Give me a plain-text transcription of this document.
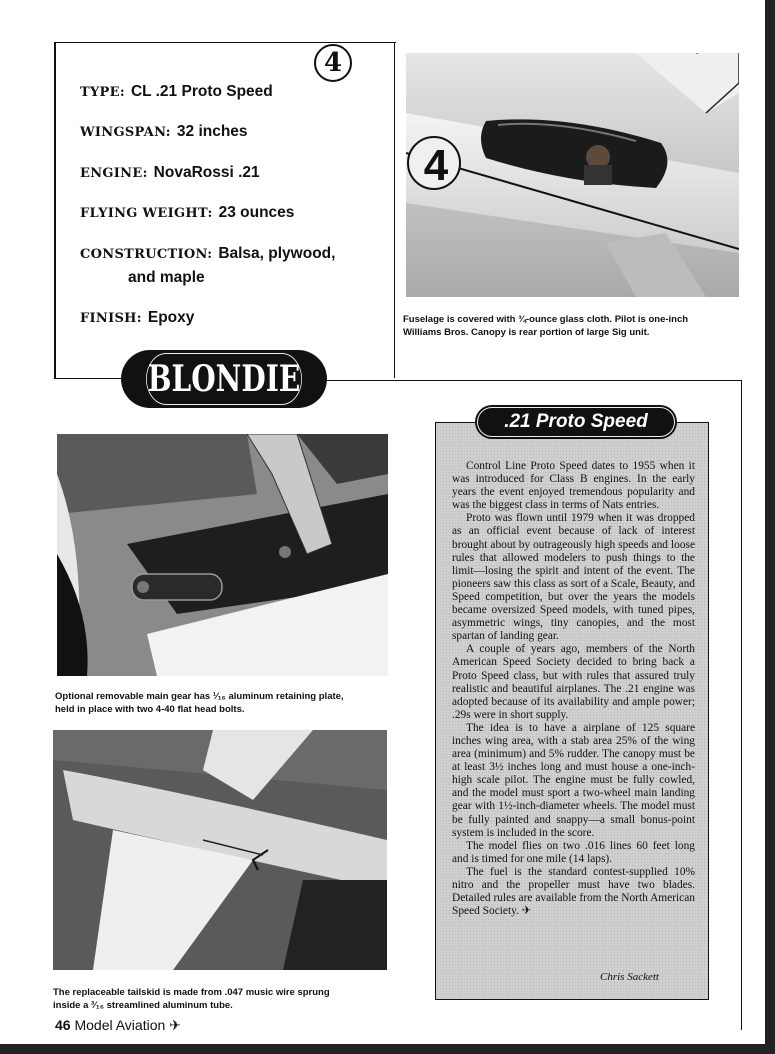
4
TYPE: CL .21 Proto Speed
WINGSPAN: 32 inches
ENGINE: NovaRossi .21
FLYING WEIGHT: 23 ounces
CONSTRUCTION: Balsa, plywood,
and maple
FINISH: Epoxy
4
Fuselage is covered with ¾-ounce glass cloth. Pilot is one-inch
Williams Bros. Canopy is rear portion of large Sig unit.
BLONDIE
Optional removable main gear has ¹⁄₁₆ aluminum retaining plate,
held in place with two 4-40 flat head bolts.
The replaceable tailskid is made from .047 music wire sprung
inside a ³⁄₁₆ streamlined aluminum tube.
.21 Proto Speed

Control Line Proto Speed dates to 1955 when it was introduced for Class B engines. In the early years the event enjoyed tremendous popularity and was the biggest class in terms of Nats entries.

Proto was flown until 1979 when it was dropped as an official event because of lack of interest brought about by outrageously high speeds and loose rules that allowed modelers to push things to the limit—losing the spirit and intent of the event. The pioneers saw this class as sort of a Scale, Beauty, and Speed competition, but over the years the models became oversized Speed models, with tuned pipes, asymmetric wings, tiny canopies, and the most spartan of landing gear.

A couple of years ago, members of the North American Speed Society decided to bring back a Proto Speed class, but with rules that assured truly realistic and beautiful airplanes. The .21 engine was adopted because of its availability and ample power; .29s were in short supply.

The idea is to have a airplane of 125 square inches wing area, with a stab area 25% of the wing area (minimum) and 5% rudder. The canopy must be at least 3½ inches long and must house a one-inch-high scale pilot. The engine must be fully cowled, and the model must sport a two-wheel main landing gear with 1½-inch-diameter wheels. The model must be fully painted and snappy—a small bonus-point system is included in the score.

The model flies on two .016 lines 60 feet long and is timed for one mile (14 laps).

The fuel is the standard contest-supplied 10% nitro and the propeller must have two blades. Detailed rules are available from the North American Speed Society. ✈

Chris Sackett
46 Model Aviation ✈
